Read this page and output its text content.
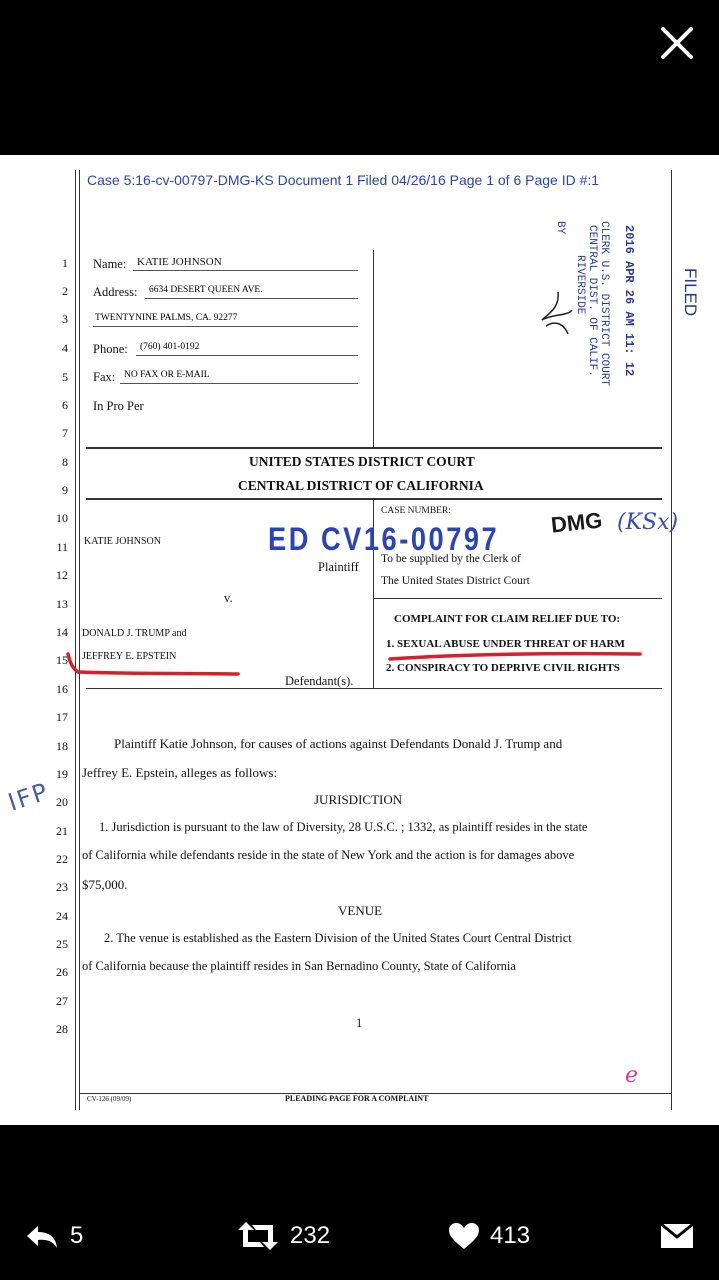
Case 5:16-cv-00797-DMG-KS Document 1 Filed 04/26/16 Page 1 of 6 Page ID #:1
1
2
3
4
5
6
7
8
9
10
11
12
13
14
15
16
17
18
19
20
21
22
23
24
25
26
27
28
Name: KATIE JOHNSON
Address: 6634 DESERT QUEEN AVE.
TWENTYNINE PALMS, CA. 92277
Phone: (760) 401-0192
Fax: NO FAX OR E-MAIL
In Pro Per
2016 APR 26 AM 11: 12
CLERK U.S. DISTRICT COURT
CENTRAL DIST. OF CALIF.
RIVERSIDE
BY
FILED
UNITED STATES DISTRICT COURT
CENTRAL DISTRICT OF CALIFORNIA
KATIE JOHNSON
CASE NUMBER:
ED CV16-00797 DMG (KSx)
Plaintiff
To be supplied by the Clerk of
The United States District Court
v.
DONALD J. TRUMP and
JEFFREY E. EPSTEIN
Defendant(s).
COMPLAINT FOR CLAIM RELIEF DUE TO:
1. SEXUAL ABUSE UNDER THREAT OF HARM
2. CONSPIRACY TO DEPRIVE CIVIL RIGHTS
Plaintiff Katie Johnson, for causes of actions against Defendants Donald J. Trump and
Jeffrey E. Epstein, alleges as follows:
JURISDICTION
IFP
1. Jurisdiction is pursuant to the law of Diversity, 28 U.S.C. ; 1332, as plaintiff resides in the state
of California while defendants reside in the state of New York and the action is for damages above
$75,000.
VENUE
2. The venue is established as the Eastern Division of the United States Court Central District
of California because the plaintiff resides in San Bernadino County, State of California
1
CV-126 (09/09)	PLEADING PAGE FOR A COMPLAINT
e
5	232	413
